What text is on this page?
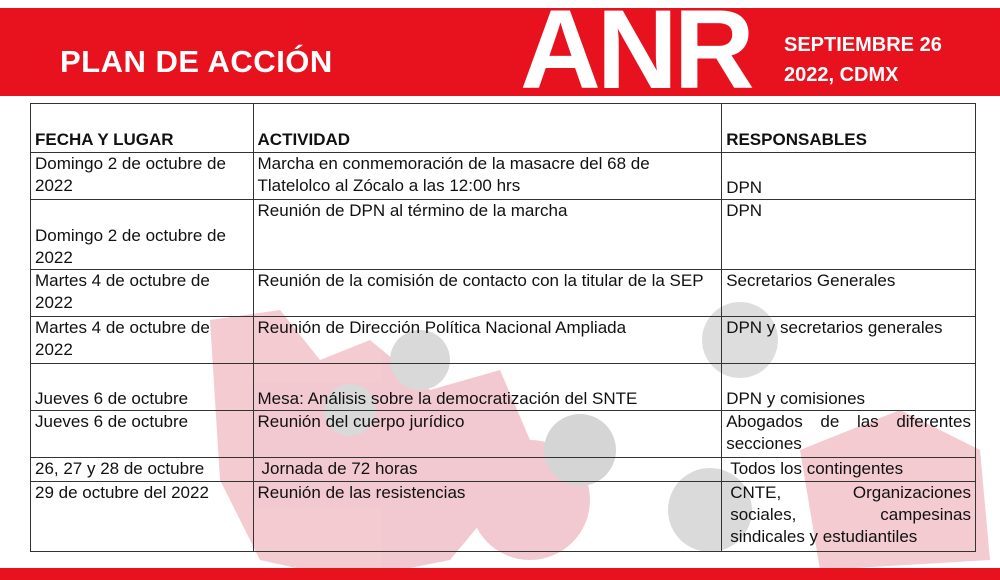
PLAN DE ACCIÓN ANR SEPTIEMBRE 26
2022, CDMX
FECHA Y LUGAR	ACTIVIDAD	RESPONSABLES
Domingo 2 de octubre de 2022	Marcha en conmemoración de la masacre del 68 de Tlatelolco al Zócalo a las 12:00 hrs	DPN
Domingo 2 de octubre de 2022	Reunión de DPN al término de la marcha	DPN
Martes 4 de octubre de 2022	Reunión de la comisión de contacto con la titular de la SEP	Secretarios Generales
Martes 4 de octubre de 2022	Reunión de Dirección Política Nacional Ampliada	DPN y secretarios generales
Jueves 6 de octubre	Mesa: Análisis sobre la democratización del SNTE	DPN y comisiones
Jueves 6 de octubre	Reunión del cuerpo jurídico	Abogados de las diferentes secciones
26, 27 y 28 de octubre	Jornada de 72 horas	Todos los contingentes
29 de octubre del 2022	Reunión de las resistencias	CNTE, Organizaciones sociales, campesinas sindicales y estudiantiles
